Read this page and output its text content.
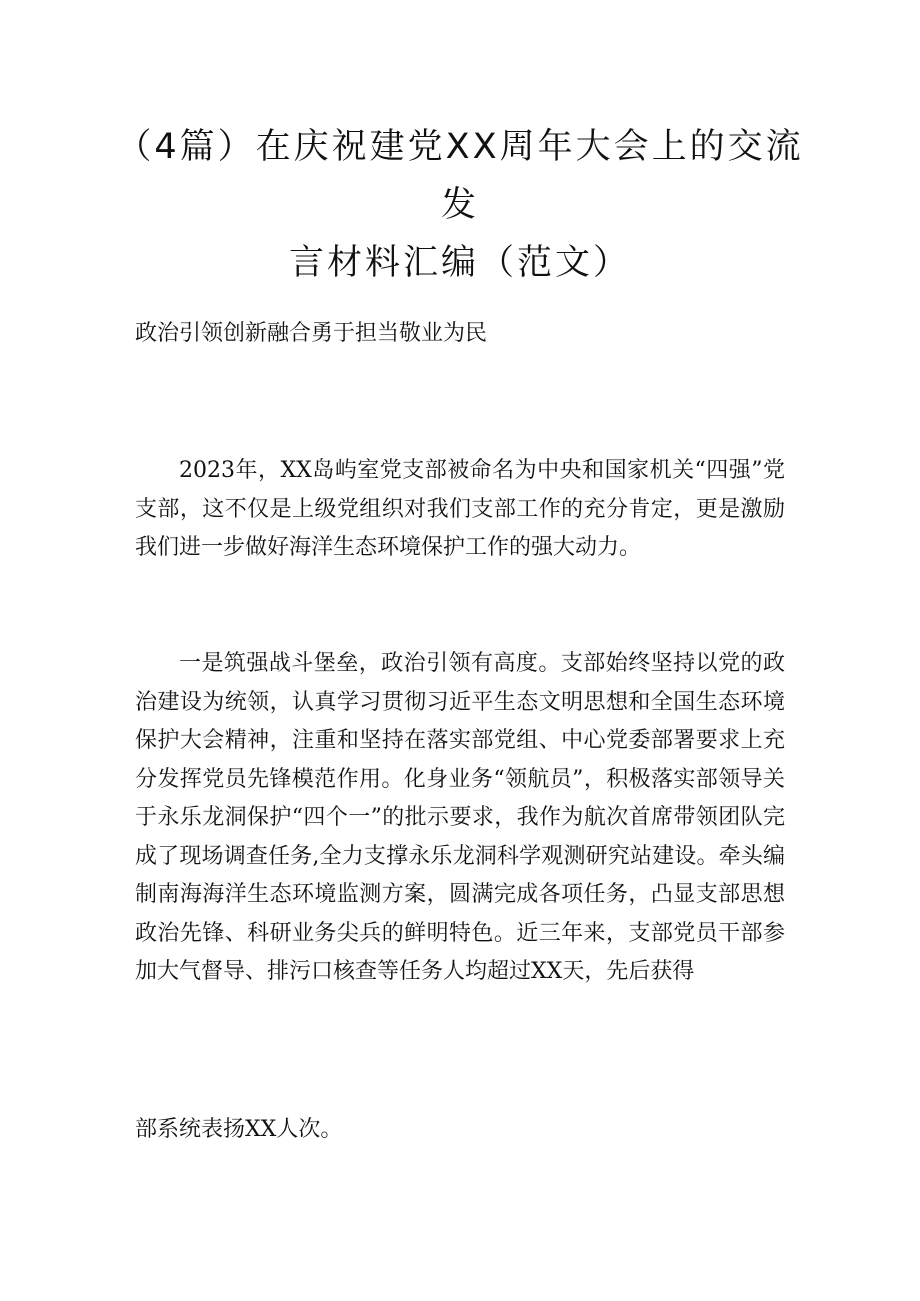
（4篇）在庆祝建党XX周年大会上的交流发
言材料汇编（范文）

政治引领创新融合勇于担当敬业为民

2023年，XX岛屿室党支部被命名为中央和国家机关“四强”党支部，这不仅是上级党组织对我们支部工作的充分肯定，更是激励我们进一步做好海洋生态环境保护工作的强大动力。

一是筑强战斗堡垒，政治引领有高度。支部始终坚持以党的政治建设为统领，认真学习贯彻习近平生态文明思想和全国生态环境保护大会精神，注重和坚持在落实部党组、中心党委部署要求上充分发挥党员先锋模范作用。化身业务“领航员”，积极落实部领导关于永乐龙洞保护“四个一”的批示要求，我作为航次首席带领团队完成了现场调查任务,全力支撑永乐龙洞科学观测研究站建设。牵头编制南海海洋生态环境监测方案，圆满完成各项任务，凸显支部思想政治先锋、科研业务尖兵的鲜明特色。近三年来，支部党员干部参加大气督导、排污口核查等任务人均超过XX天，先后获得

部系统表扬XX人次。
